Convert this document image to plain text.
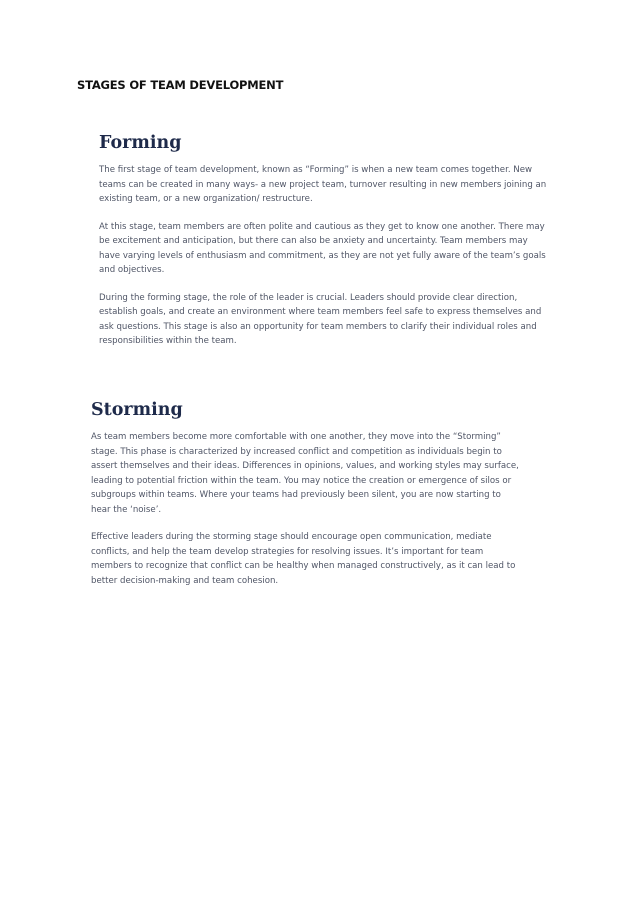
STAGES OF TEAM DEVELOPMENT
Forming

The first stage of team development, known as “Forming” is when a new team comes together. New teams can be created in many ways- a new project team, turnover resulting in new members joining an existing team, or a new organization/ restructure.

At this stage, team members are often polite and cautious as they get to know one another. There may be excitement and anticipation, but there can also be anxiety and uncertainty. Team members may have varying levels of enthusiasm and commitment, as they are not yet fully aware of the team’s goals and objectives.

During the forming stage, the role of the leader is crucial. Leaders should provide clear direction, establish goals, and create an environment where team members feel safe to express themselves and ask questions. This stage is also an opportunity for team members to clarify their individual roles and responsibilities within the team.

Storming

As team members become more comfortable with one another, they move into the “Storming” stage. This phase is characterized by increased conflict and competition as individuals begin to assert themselves and their ideas. Differences in opinions, values, and working styles may surface, leading to potential friction within the team. You may notice the creation or emergence of silos or subgroups within teams. Where your teams had previously been silent, you are now starting to hear the ‘noise’.

Effective leaders during the storming stage should encourage open communication, mediate conflicts, and help the team develop strategies for resolving issues. It’s important for team members to recognize that conflict can be healthy when managed constructively, as it can lead to better decision-making and team cohesion.
